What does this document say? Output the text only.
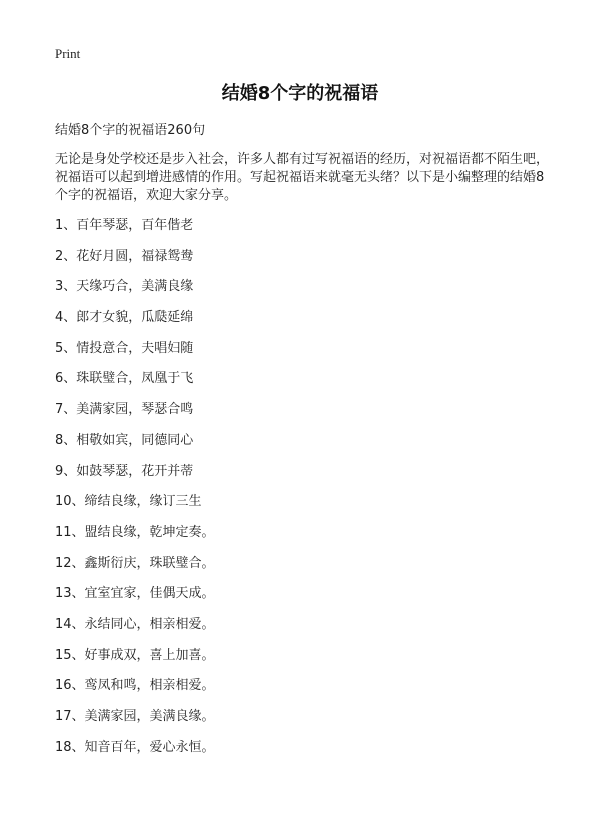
Print
结婚8个字的祝福语
结婚8个字的祝福语260句

无论是身处学校还是步入社会，许多人都有过写祝福语的经历，对祝福语都不陌生吧，祝福语可以起到增进感情的作用。写起祝福语来就毫无头绪？以下是小编整理的结婚8个字的祝福语，欢迎大家分享。

1、百年琴瑟，百年偕老
2、花好月圆，福禄鸳鸯
3、天缘巧合，美满良缘
4、郎才女貌，瓜瓞延绵
5、情投意合，夫唱妇随
6、珠联璧合，凤凰于飞
7、美满家园，琴瑟合鸣
8、相敬如宾，同德同心
9、如鼓琴瑟，花开并蒂
10、缔结良缘，缘订三生
11、盟结良缘，乾坤定奏。
12、鑫斯衍庆，珠联璧合。
13、宜室宜家，佳偶天成。
14、永结同心，相亲相爱。
15、好事成双，喜上加喜。
16、鸾凤和鸣，相亲相爱。
17、美满家园，美满良缘。
18、知音百年，爱心永恒。
